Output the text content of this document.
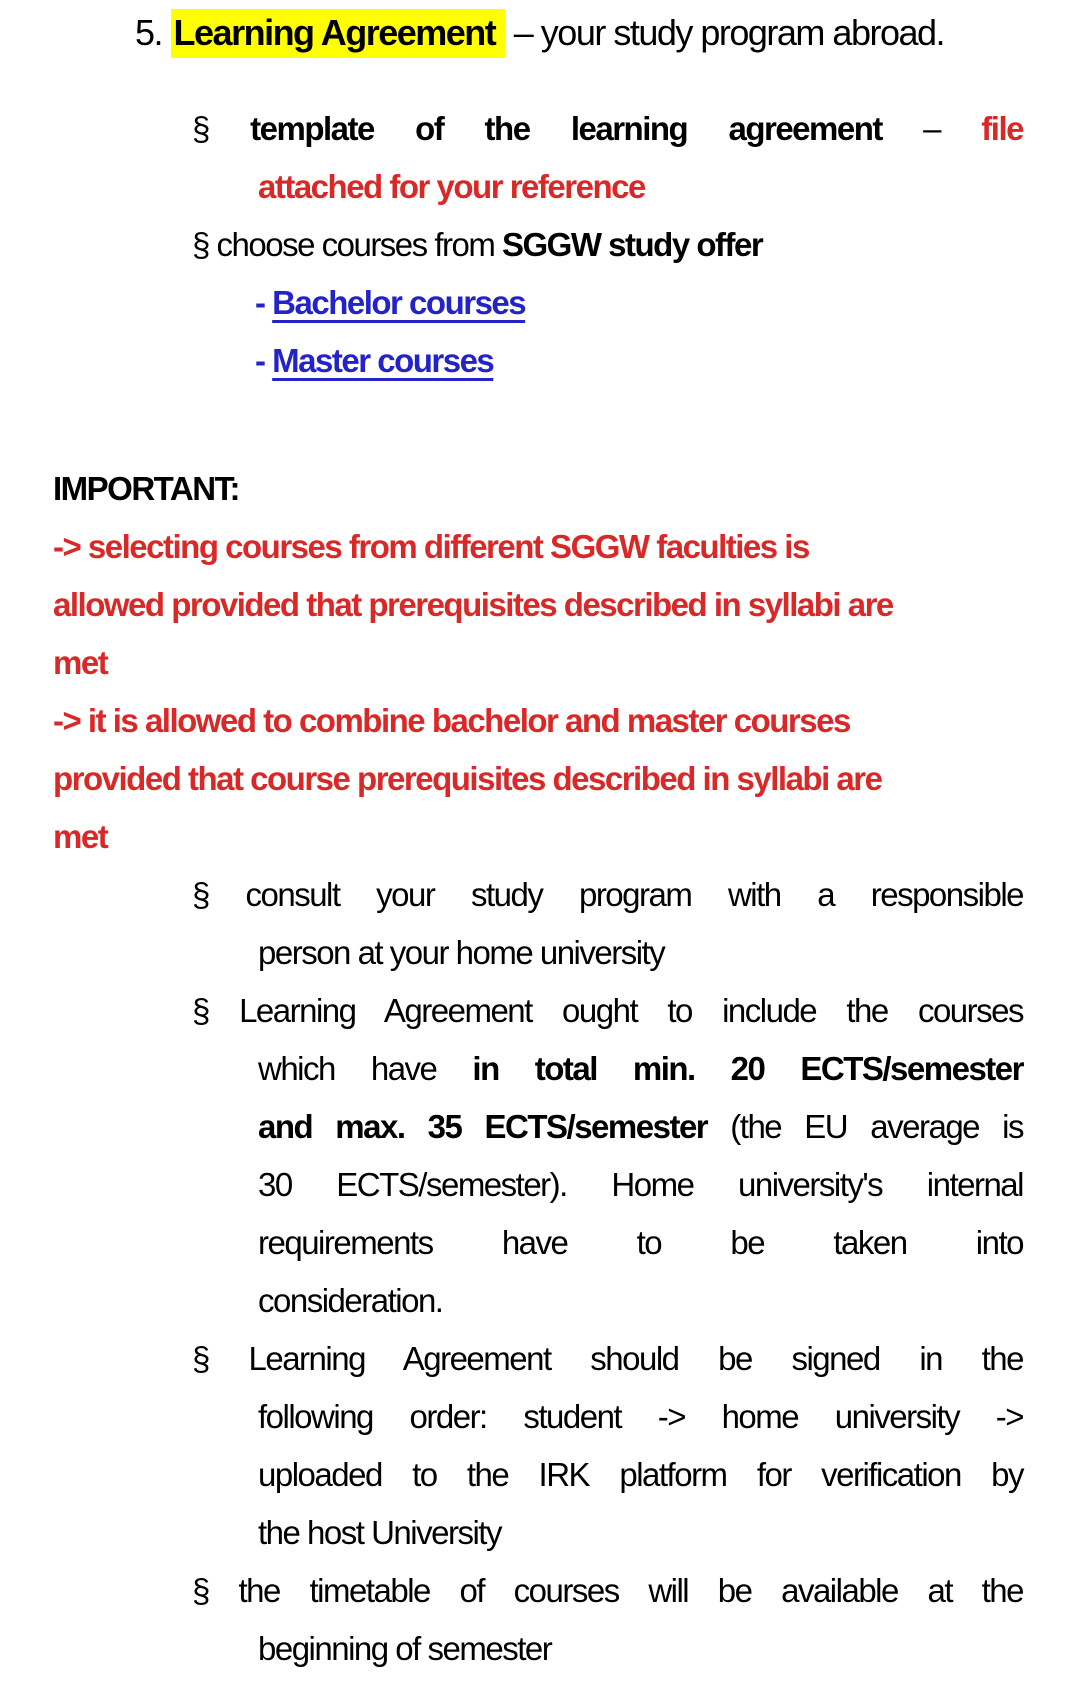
5. Learning Agreement – your study program abroad.
§ template of the learning agreement – file
attached for your reference
§ choose courses from SGGW study offer
- Bachelor courses
- Master courses
IMPORTANT:
-> selecting courses from different SGGW faculties is
allowed provided that prerequisites described in syllabi are
met
-> it is allowed to combine bachelor and master courses
provided that course prerequisites described in syllabi are
met
§ consult your study program with a responsible
person at your home university
§ Learning Agreement ought to include the courses
which have in total min. 20 ECTS/semester
and max. 35 ECTS/semester (the EU average is
30 ECTS/semester). Home university's internal
requirements have to be taken into
consideration.
§ Learning Agreement should be signed in the
following order: student -> home university ->
uploaded to the IRK platform for verification by
the host University
§ the timetable of courses will be available at the
beginning of semester
